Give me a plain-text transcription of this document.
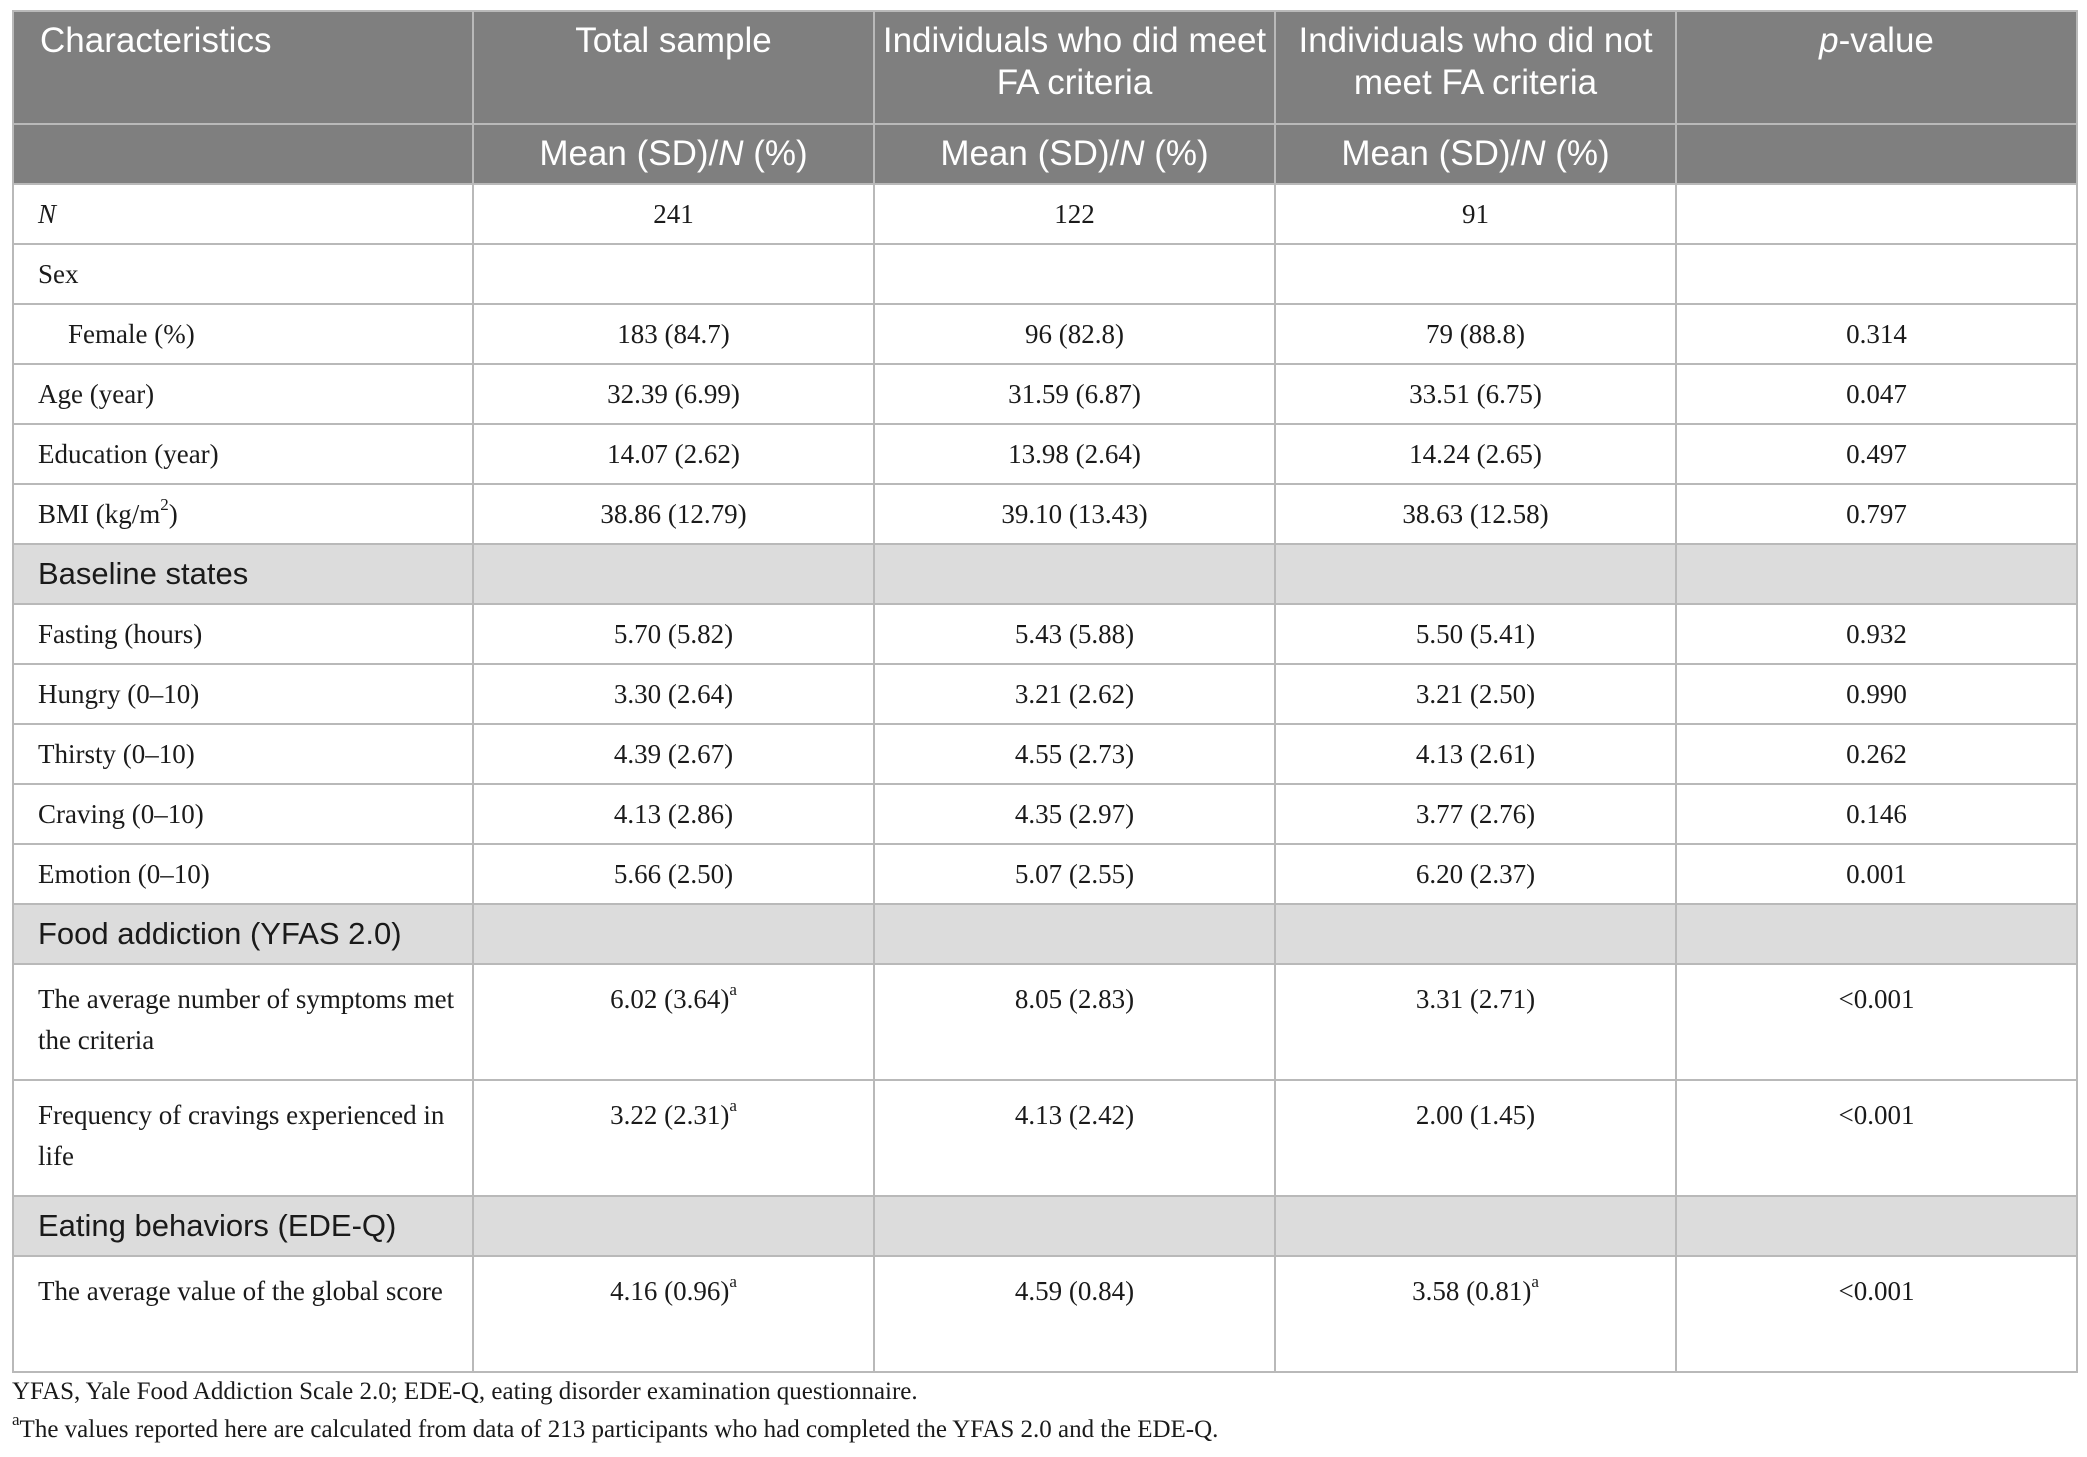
Characteristics	Total sample	Individuals who did meet FA criteria	Individuals who did not meet FA criteria	p-value
	Mean (SD)/N (%)	Mean (SD)/N (%)	Mean (SD)/N (%)	
N	241	122	91	
Sex				
Female (%)	183 (84.7)	96 (82.8)	79 (88.8)	0.314
Age (year)	32.39 (6.99)	31.59 (6.87)	33.51 (6.75)	0.047
Education (year)	14.07 (2.62)	13.98 (2.64)	14.24 (2.65)	0.497
BMI $(kg/m^2)$	38.86 (12.79)	39.10 (13.43)	38.63 (12.58)	0.797
Baseline states				
Fasting (hours)	5.70 (5.82)	5.43 (5.88)	5.50 (5.41)	0.932
Hungry (0–10)	3.30 (2.64)	3.21 (2.62)	3.21 (2.50)	0.990
Thirsty (0–10)	4.39 (2.67)	4.55 (2.73)	4.13 (2.61)	0.262
Craving (0–10)	4.13 (2.86)	4.35 (2.97)	3.77 (2.76)	0.146
Emotion (0–10)	5.66 (2.50)	5.07 (2.55)	6.20 (2.37)	0.001
Food addiction (YFAS 2.0)				
The average number of symptoms met the criteria	6.02 $(3.64)^a$	8.05 (2.83)	3.31 (2.71)	<0.001
Frequency of cravings experienced in life	3.22 $(2.31)^a$	4.13 (2.42)	2.00 (1.45)	<0.001
Eating behaviors (EDE-Q)				
The average value of the global score	4.16 $(0.96)^a$	4.59 (0.84)	3.58 $(0.81)^a$	<0.001
YFAS, Yale Food Addiction Scale 2.0; EDE-Q, eating disorder examination questionnaire.
$^a$The values reported here are calculated from data of 213 participants who had completed the YFAS 2.0 and the EDE-Q.
